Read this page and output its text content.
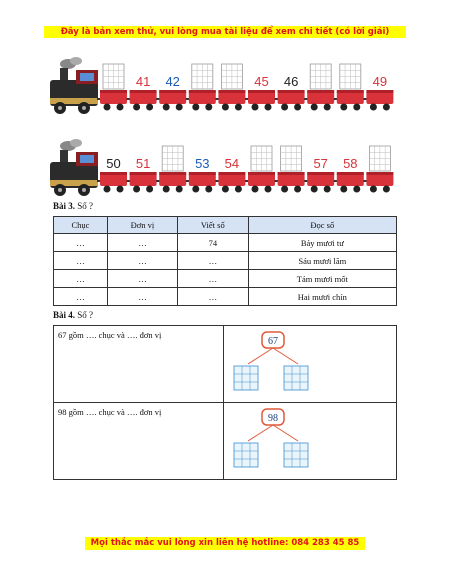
Đây là bản xem thử, vui lòng mua tài liệu để xem chi tiết (có lời giải)
41 42	45 46	49
50 51	53 54	57 58
Bài 3. Số ?
Chục	Đơn vị	Viết số	Đọc số
…	…	74	Bảy mươi tư
…	…	…	Sáu mươi lăm
…	…	…	Tám mươi mốt
…	…	…	Hai mươi chín
Bài 4. Số ?
67 gồm …. chục và …. đơn vị	67

98 gồm …. chục và …. đơn vị	98
Mọi thắc mắc vui lòng xin liên hệ hotline: 084 283 45 85
